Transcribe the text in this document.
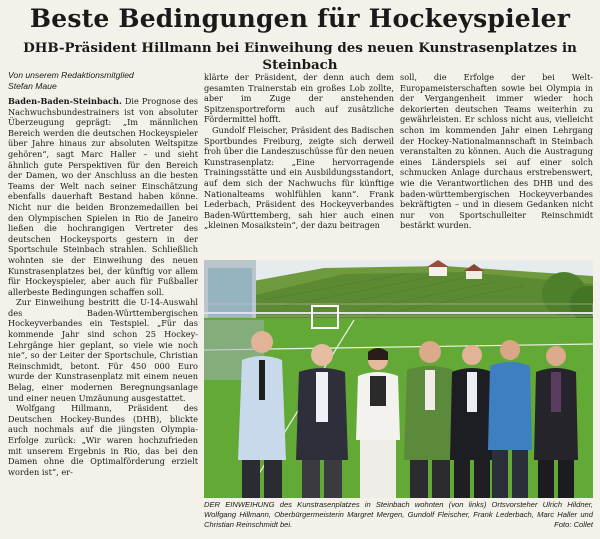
Beste Bedingungen für Hockeyspieler
DHB-Präsident Hillmann bei Einweihung des neuen Kunstrasenplatzes in Steinbach
Von unserem Redaktionsmitglied
Stefan Maue

Baden-Baden-Steinbach. Die Prognose des Nachwuchsbundestrainers ist von absoluter Überzeugung geprägt: „Im männlichen Bereich werden die deutschen Hockeyspieler über Jahre hinaus zur absoluten Weltspitze gehören“, sagt Marc Haller – und sieht ähnlich gute Perspektiven für den Bereich der Damen, wo der Anschluss an die besten Teams der Welt nach seiner Einschätzung ebenfalls dauerhaft Bestand haben könne. Nicht nur die beiden Bronzemedaillen bei den Olympischen Spielen in Rio de Janeiro ließen die hochrangigen Vertreter des deutschen Hockeysports gestern in der Sportschule Steinbach strahlen. Schließlich wohnten sie der Einweihung des neuen Kunstrasenplatzes bei, der künftig vor allem für Hockeyspieler, aber auch für Fußballer allerbeste Bedingungen schaffen soll.

Zur Einweihung bestritt die U-14-Auswahl des Baden-Württembergischen Hockeyverbandes ein Testspiel. „Für das kommende Jahr sind schon 25 Hockey-Lehrgänge hier geplant, so viele wie noch nie“, so der Leiter der Sportschule, Christian Reinschmidt, betont. Für 450 000 Euro wurde der Kunstrasenplatz mit einem neuen Belag, einer modernen Beregnungsanlage und einer neuen Umzäunung ausgestattet.

Wolfgang Hillmann, Präsident des Deutschen Hockey-Bundes (DHB), blickte auch nochmals auf die jüngsten Olympia-Erfolge zurück: „Wir waren hochzufrieden mit unserem Ergebnis in Rio, das bei den Damen ohne die Optimalförderung erzielt worden ist“, er-

klärte der Präsident, der denn auch dem gesamten Trainerstab ein großes Lob zollte, aber im Zuge der anstehenden Spitzensportreform auch auf zusätzliche Fördermittel hofft.

Gundolf Fleischer, Präsident des Badischen Sportbundes Freiburg, zeigte sich derweil froh über die Landeszuschüsse für den neuen Kunstrasenplatz: „Eine hervorragende Trainingsstätte und ein Ausbildungsstandort, auf dem sich der Nachwuchs für künftige Nationalteams wohlfühlen kann“. Frank Lederbach, Präsident des Hockeyverbandes Baden-Württemberg, sah hier auch einen „kleinen Mosaikstein“, der dazu beitragen

soll, die Erfolge der bei Welt-Europameisterschaften sowie bei Olympia in der Vergangenheit immer wieder hoch dekorierten deutschen Teams weiterhin zu gewährleisten. Er schloss nicht aus, vielleicht schon im kommenden Jahr einen Lehrgang der Hockey-Nationalmannschaft in Steinbach veranstalten zu können. Auch die Austragung eines Länderspiels sei auf einer solch schmucken Anlage durchaus erstrebenswert, wie die Verantwortlichen des DHB und des baden-württembergischen Hockeyverbandes bekräftigten – und in diesem Gedanken nicht nur von Sportschulleiter Reinschmidt bestärkt wurden.

DER EINWEIHUNG des Kunstrasenplatzes in Steinbach wohnten (von links) Ortsvorsteher Ulrich Hildner, Wolfgang Hillmann, Oberbürgermeisterin Margret Mergen, Gundolf Fleischer, Frank Lederbach, Marc Haller und Christian Reinschmidt bei.	Foto: Collet
